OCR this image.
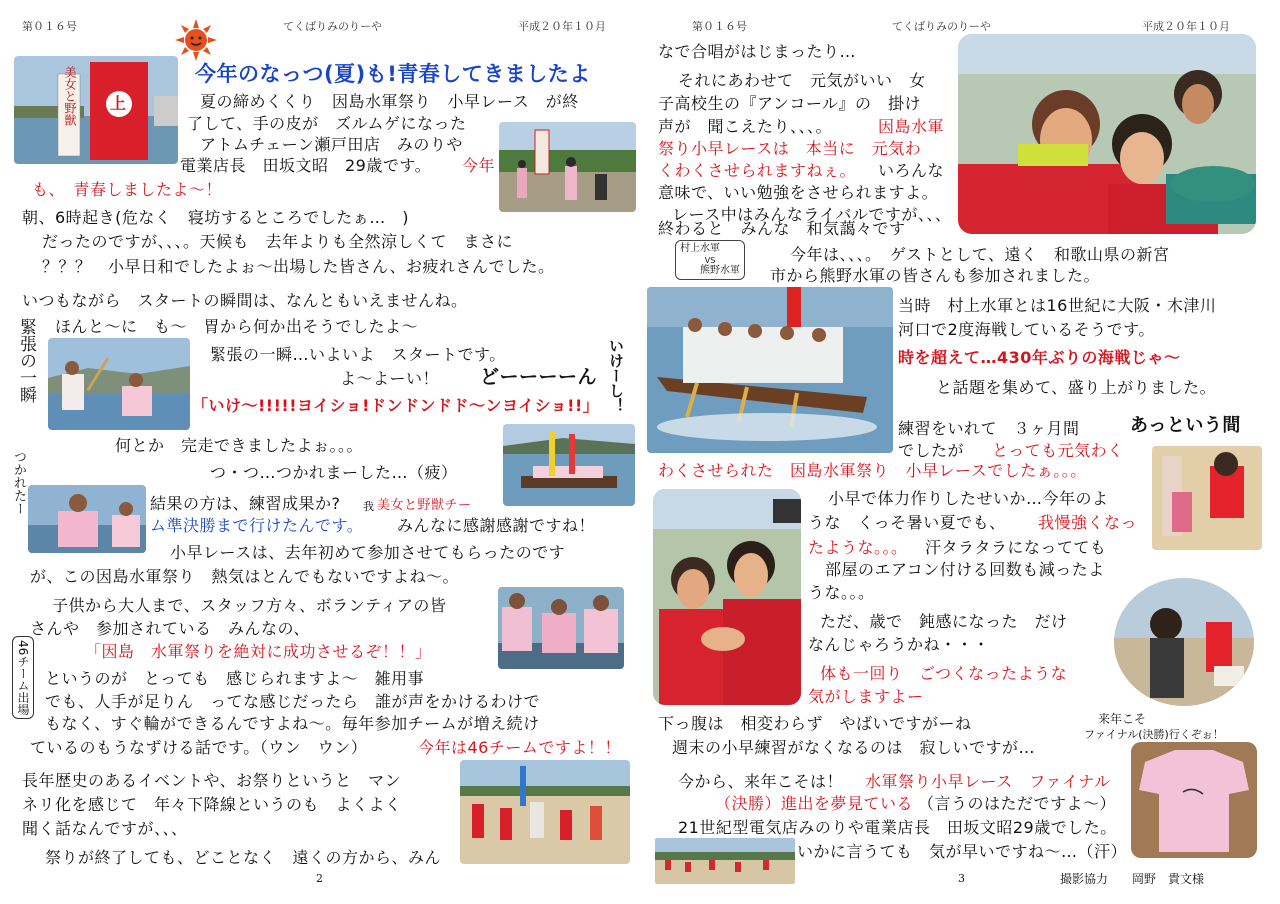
第０１６号	てくばりみのりーや	平成２０年１０月
今年のなっつ(夏)も!青春してきましたよ
美女と野獣 上	夏の締めくくり　因島水軍祭り　小早レース　が終
了して、手の皮が　ズルムゲになった
アトムチェーン瀬戸田店　みのりや
電業店長　田坂文昭　29歳です。 今年
も、　青春しましたよ～！
朝、6時起き(危なく　寝坊するところでしたぁ…　)
だったのですが、、、。天候も　去年よりも全然涼しくて　まさに
？？？　小早日和でしたよぉ～出場した皆さん、お疲れさんでした。
いつもながら　スタートの瞬間は、なんともいえませんね。
緊張の一瞬 ほんと～に　も～　胃から何か出そうでしたよ～
緊張の一瞬…いよいよ　スタートです。
よ～よーい！ どーーーーん いけーし！
「いけ～!!!!!ヨイショ!ドンドンドド～ンヨイショ!!」
何とか　完走できましたよぉ。。。
つ・つ…つかれまーした…（疲）
つかれたー	結果の方は、練習成果か? 我 美女と野獣チー
ム準決勝まで行けたんです。 みんなに感謝感謝ですね！
小早レースは、去年初めて参加させてもらったのです
が、この因島水軍祭り　熱気はとんでもないですよね～。
子供から大人まで、スタッフ方々、ボランティアの皆
さんや　参加されている　みんなの、
「因島　水軍祭りを絶対に成功させるぞ！！」
46チーム出場 というのが　とっても　感じられますよ～　雑用事
でも、人手が足りん　ってな感じだったら　誰が声をかけるわけで
もなく、すぐ輪ができるんですよね～。毎年参加チームが増え続け
ているのもうなずける話です。（ウン　ウン）	今年は46チームですよ！！
長年歴史のあるイベントや、お祭りというと　マン
ネリ化を感じて　年々下降線というのも　よくよく
聞く話なんですが、、、
祭りが終了しても、どことなく　遠くの方から、みん
2
第０１６号	てくばりみのりーや	平成２０年１０月
なで合唱がはじまったり…
それにあわせて　元気がいい　女
子高校生の『アンコール』の　掛け
声が　聞こえたり、、、。	因島水軍
祭り小早レースは　本当に　元気わ
くわくさせられますねぇ。 いろんな
意味で、いい勉強をさせられますよ。
レース中はみんなライバルですが、、、
終わると　みんな　和気藹々です
村上水軍
VS
熊野水軍
今年は、、、。　ゲストとして、遠く　和歌山県の新宮
市から熊野水軍の皆さんも参加されました。
当時　村上水軍とは16世紀に大阪・木津川
河口で2度海戦しているそうです。
時を超えて…430年ぶりの海戦じゃ～
と話題を集めて、盛り上がりました。
練習をいれて　３ヶ月間	あっという間
でしたが とっても元気わく
わくさせられた　因島水軍祭り　小早レースでしたぁ。。。
小早で体力作りしたせいか…今年のよ
うな　くっそ暑い夏でも、 我慢強くなっ
たような。。。 汗タラタラになってても
部屋のエアコン付ける回数も減ったよ
うな。。。
ただ、歳で　鈍感になった　だけ
なんじゃろうかね・・・
体も一回り　ごつくなったような
気がしますよー
下っ腹は　相変わらず　やばいですがーね
週末の小早練習がなくなるのは　寂しいですが…
来年こそ
ファイナル(決勝)行くぞぉ！
今から、来年こそは！ 水軍祭り小早レース　ファイナル
（決勝）進出を夢見ている （言うのはただですよ～）
21世紀型電気店みのりや電業店長　田坂文昭29歳でした。
いかに言うても　気が早いですね～…（汗）
3	撮影協力　　岡野　貴文様
